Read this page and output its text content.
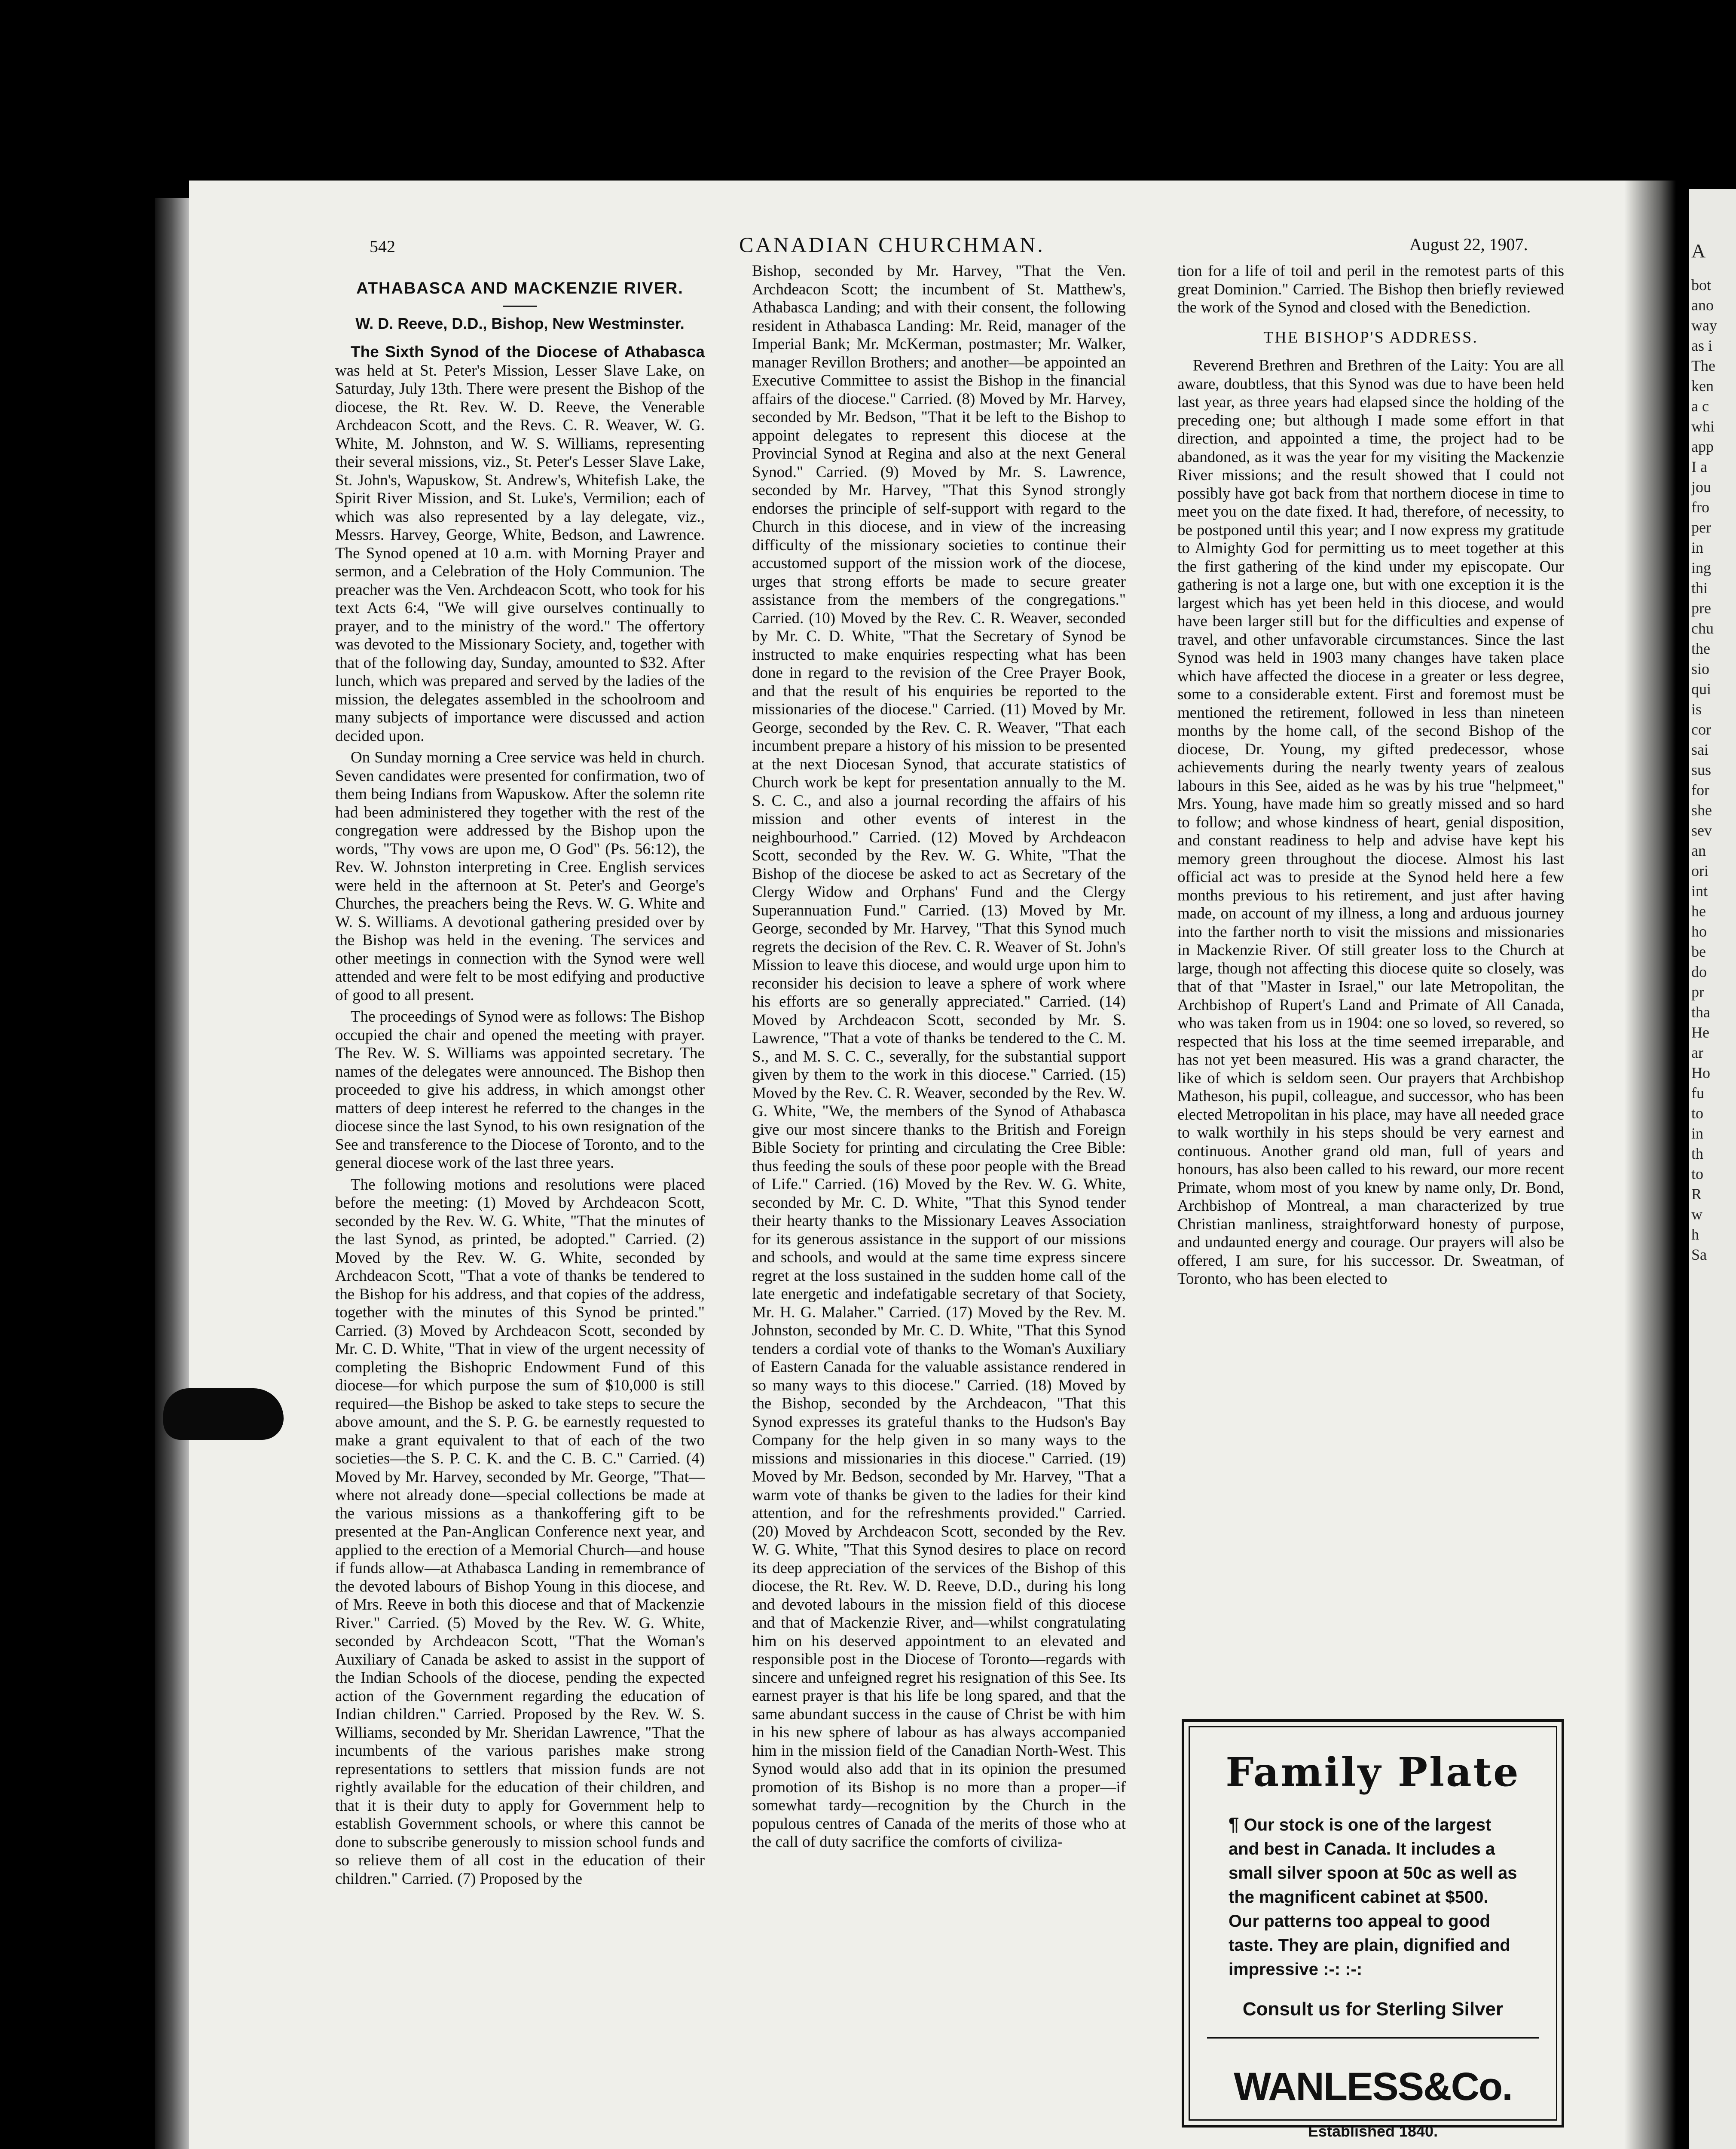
542	CANADIAN CHURCHMAN.	August 22, 1907.
ATHABASCA AND MACKENZIE RIVER.
W. D. Reeve, D.D., Bishop, New Westminster.

The Sixth Synod of the Diocese of Athabasca was held at St. Peter's Mission, Lesser Slave Lake, on Saturday, July 13th. There were present the Bishop of the diocese, the Rt. Rev. W. D. Reeve, the Venerable Archdeacon Scott, and the Revs. C. R. Weaver, W. G. White, M. Johnston, and W. S. Williams, representing their several missions, viz., St. Peter's Lesser Slave Lake, St. John's, Wapuskow, St. Andrew's, Whitefish Lake, the Spirit River Mission, and St. Luke's, Vermilion; each of which was also represented by a lay delegate, viz., Messrs. Harvey, George, White, Bedson, and Lawrence. The Synod opened at 10 a.m. with Morning Prayer and sermon, and a Celebration of the Holy Communion. The preacher was the Ven. Archdeacon Scott, who took for his text Acts 6:4, "We will give ourselves continually to prayer, and to the ministry of the word." The offertory was devoted to the Missionary Society, and, together with that of the following day, Sunday, amounted to $32. After lunch, which was prepared and served by the ladies of the mission, the delegates assembled in the schoolroom and many subjects of importance were discussed and action decided upon.

On Sunday morning a Cree service was held in church. Seven candidates were presented for confirmation, two of them being Indians from Wapuskow. After the solemn rite had been administered they together with the rest of the congregation were addressed by the Bishop upon the words, "Thy vows are upon me, O God" (Ps. 56:12), the Rev. W. Johnston interpreting in Cree. English services were held in the afternoon at St. Peter's and George's Churches, the preachers being the Revs. W. G. White and W. S. Williams. A devotional gathering presided over by the Bishop was held in the evening. The services and other meetings in connection with the Synod were well attended and were felt to be most edifying and productive of good to all present.

The proceedings of Synod were as follows: The Bishop occupied the chair and opened the meeting with prayer. The Rev. W. S. Williams was appointed secretary. The names of the delegates were announced. The Bishop then proceeded to give his address, in which amongst other matters of deep interest he referred to the changes in the diocese since the last Synod, to his own resignation of the See and transference to the Diocese of Toronto, and to the general diocese work of the last three years.

The following motions and resolutions were placed before the meeting: (1) Moved by Archdeacon Scott, seconded by the Rev. W. G. White, "That the minutes of the last Synod, as printed, be adopted." Carried. (2) Moved by the Rev. W. G. White, seconded by Archdeacon Scott, "That a vote of thanks be tendered to the Bishop for his address, and that copies of the address, together with the minutes of this Synod be printed." Carried. (3) Moved by Archdeacon Scott, seconded by Mr. C. D. White, "That in view of the urgent necessity of completing the Bishopric Endowment Fund of this diocese—for which purpose the sum of $10,000 is still required—the Bishop be asked to take steps to secure the above amount, and the S. P. G. be earnestly requested to make a grant equivalent to that of each of the two societies—the S. P. C. K. and the C. B. C." Carried. (4) Moved by Mr. Harvey, seconded by Mr. George, "That—where not already done—special collections be made at the various missions as a thankoffering gift to be presented at the Pan-Anglican Conference next year, and applied to the erection of a Memorial Church—and house if funds allow—at Athabasca Landing in remembrance of the devoted labours of Bishop Young in this diocese, and of Mrs. Reeve in both this diocese and that of Mackenzie River." Carried. (5) Moved by the Rev. W. G. White, seconded by Archdeacon Scott, "That the Woman's Auxiliary of Canada be asked to assist in the support of the Indian Schools of the diocese, pending the expected action of the Government regarding the education of Indian children." Carried. Proposed by the Rev. W. S. Williams, seconded by Mr. Sheridan Lawrence, "That the incumbents of the various parishes make strong representations to settlers that mission funds are not rightly available for the education of their children, and that it is their duty to apply for Government help to establish Government schools, or where this cannot be done to subscribe generously to mission school funds and so relieve them of all cost in the education of their children." Carried. (7) Proposed by the

Bishop, seconded by Mr. Harvey, "That the Ven. Archdeacon Scott; the incumbent of St. Matthew's, Athabasca Landing; and with their consent, the following resident in Athabasca Landing: Mr. Reid, manager of the Imperial Bank; Mr. McKerman, postmaster; Mr. Walker, manager Revillon Brothers; and another—be appointed an Executive Committee to assist the Bishop in the financial affairs of the diocese." Carried. (8) Moved by Mr. Harvey, seconded by Mr. Bedson, "That it be left to the Bishop to appoint delegates to represent this diocese at the Provincial Synod at Regina and also at the next General Synod." Carried. (9) Moved by Mr. S. Lawrence, seconded by Mr. Harvey, "That this Synod strongly endorses the principle of self-support with regard to the Church in this diocese, and in view of the increasing difficulty of the missionary societies to continue their accustomed support of the mission work of the diocese, urges that strong efforts be made to secure greater assistance from the members of the congregations." Carried. (10) Moved by the Rev. C. R. Weaver, seconded by Mr. C. D. White, "That the Secretary of Synod be instructed to make enquiries respecting what has been done in regard to the revision of the Cree Prayer Book, and that the result of his enquiries be reported to the missionaries of the diocese." Carried. (11) Moved by Mr. George, seconded by the Rev. C. R. Weaver, "That each incumbent prepare a history of his mission to be presented at the next Diocesan Synod, that accurate statistics of Church work be kept for presentation annually to the M. S. C. C., and also a journal recording the affairs of his mission and other events of interest in the neighbourhood." Carried. (12) Moved by Archdeacon Scott, seconded by the Rev. W. G. White, "That the Bishop of the diocese be asked to act as Secretary of the Clergy Widow and Orphans' Fund and the Clergy Superannuation Fund." Carried. (13) Moved by Mr. George, seconded by Mr. Harvey, "That this Synod much regrets the decision of the Rev. C. R. Weaver of St. John's Mission to leave this diocese, and would urge upon him to reconsider his decision to leave a sphere of work where his efforts are so generally appreciated." Carried. (14) Moved by Archdeacon Scott, seconded by Mr. S. Lawrence, "That a vote of thanks be tendered to the C. M. S., and M. S. C. C., severally, for the substantial support given by them to the work in this diocese." Carried. (15) Moved by the Rev. C. R. Weaver, seconded by the Rev. W. G. White, "We, the members of the Synod of Athabasca give our most sincere thanks to the British and Foreign Bible Society for printing and circulating the Cree Bible: thus feeding the souls of these poor people with the Bread of Life." Carried. (16) Moved by the Rev. W. G. White, seconded by Mr. C. D. White, "That this Synod tender their hearty thanks to the Missionary Leaves Association for its generous assistance in the support of our missions and schools, and would at the same time express sincere regret at the loss sustained in the sudden home call of the late energetic and indefatigable secretary of that Society, Mr. H. G. Malaher." Carried. (17) Moved by the Rev. M. Johnston, seconded by Mr. C. D. White, "That this Synod tenders a cordial vote of thanks to the Woman's Auxiliary of Eastern Canada for the valuable assistance rendered in so many ways to this diocese." Carried. (18) Moved by the Bishop, seconded by the Archdeacon, "That this Synod expresses its grateful thanks to the Hudson's Bay Company for the help given in so many ways to the missions and missionaries in this diocese." Carried. (19) Moved by Mr. Bedson, seconded by Mr. Harvey, "That a warm vote of thanks be given to the ladies for their kind attention, and for the refreshments provided." Carried. (20) Moved by Archdeacon Scott, seconded by the Rev. W. G. White, "That this Synod desires to place on record its deep appreciation of the services of the Bishop of this diocese, the Rt. Rev. W. D. Reeve, D.D., during his long and devoted labours in the mission field of this diocese and that of Mackenzie River, and—whilst congratulating him on his deserved appointment to an elevated and responsible post in the Diocese of Toronto—regards with sincere and unfeigned regret his resignation of this See. Its earnest prayer is that his life be long spared, and that the same abundant success in the cause of Christ be with him in his new sphere of labour as has always accompanied him in the mission field of the Canadian North-West. This Synod would also add that in its opinion the presumed promotion of its Bishop is no more than a proper—if somewhat tardy—recognition by the Church in the populous centres of Canada of the merits of those who at the call of duty sacrifice the comforts of civiliza-

tion for a life of toil and peril in the remotest parts of this great Dominion." Carried. The Bishop then briefly reviewed the work of the Synod and closed with the Benediction.

THE BISHOP'S ADDRESS.

Reverend Brethren and Brethren of the Laity: You are all aware, doubtless, that this Synod was due to have been held last year, as three years had elapsed since the holding of the preceding one; but although I made some effort in that direction, and appointed a time, the project had to be abandoned, as it was the year for my visiting the Mackenzie River missions; and the result showed that I could not possibly have got back from that northern diocese in time to meet you on the date fixed. It had, therefore, of necessity, to be postponed until this year; and I now express my gratitude to Almighty God for permitting us to meet together at this the first gathering of the kind under my episcopate. Our gathering is not a large one, but with one exception it is the largest which has yet been held in this diocese, and would have been larger still but for the difficulties and expense of travel, and other unfavorable circumstances. Since the last Synod was held in 1903 many changes have taken place which have affected the diocese in a greater or less degree, some to a considerable extent. First and foremost must be mentioned the retirement, followed in less than nineteen months by the home call, of the second Bishop of the diocese, Dr. Young, my gifted predecessor, whose achievements during the nearly twenty years of zealous labours in this See, aided as he was by his true "helpmeet," Mrs. Young, have made him so greatly missed and so hard to follow; and whose kindness of heart, genial disposition, and constant readiness to help and advise have kept his memory green throughout the diocese. Almost his last official act was to preside at the Synod held here a few months previous to his retirement, and just after having made, on account of my illness, a long and arduous journey into the farther north to visit the missions and missionaries in Mackenzie River. Of still greater loss to the Church at large, though not affecting this diocese quite so closely, was that of that "Master in Israel," our late Metropolitan, the Archbishop of Rupert's Land and Primate of All Canada, who was taken from us in 1904: one so loved, so revered, so respected that his loss at the time seemed irreparable, and has not yet been measured. His was a grand character, the like of which is seldom seen. Our prayers that Archbishop Matheson, his pupil, colleague, and successor, who has been elected Metropolitan in his place, may have all needed grace to walk worthily in his steps should be very earnest and continuous. Another grand old man, full of years and honours, has also been called to his reward, our more recent Primate, whom most of you knew by name only, Dr. Bond, Archbishop of Montreal, a man characterized by true Christian manliness, straightforward honesty of purpose, and undaunted energy and courage. Our prayers will also be offered, I am sure, for his successor. Dr. Sweatman, of Toronto, who has been elected to

Family Plate
¶ Our stock is one of the largest and best in Canada. It includes a small silver spoon at 50c as well as the magnificent cabinet at $500. Our patterns too appeal to good taste. They are plain, dignified and impressive :-: :-:
Consult us for Sterling Silver
WANLESS&Co.
Established 1840.
A
bot
ano
way
as i
The
ken
a c
whi
app
I a
jou
fro
per
in
ing
thi
pre
chu
the
sio
qui
is
cor
sai
sus
for
she
sev
an
ori
int
he
ho
be
do
pr
tha
He
ar
Ho
fu
to
in
th
to
R
w
h
Sa
